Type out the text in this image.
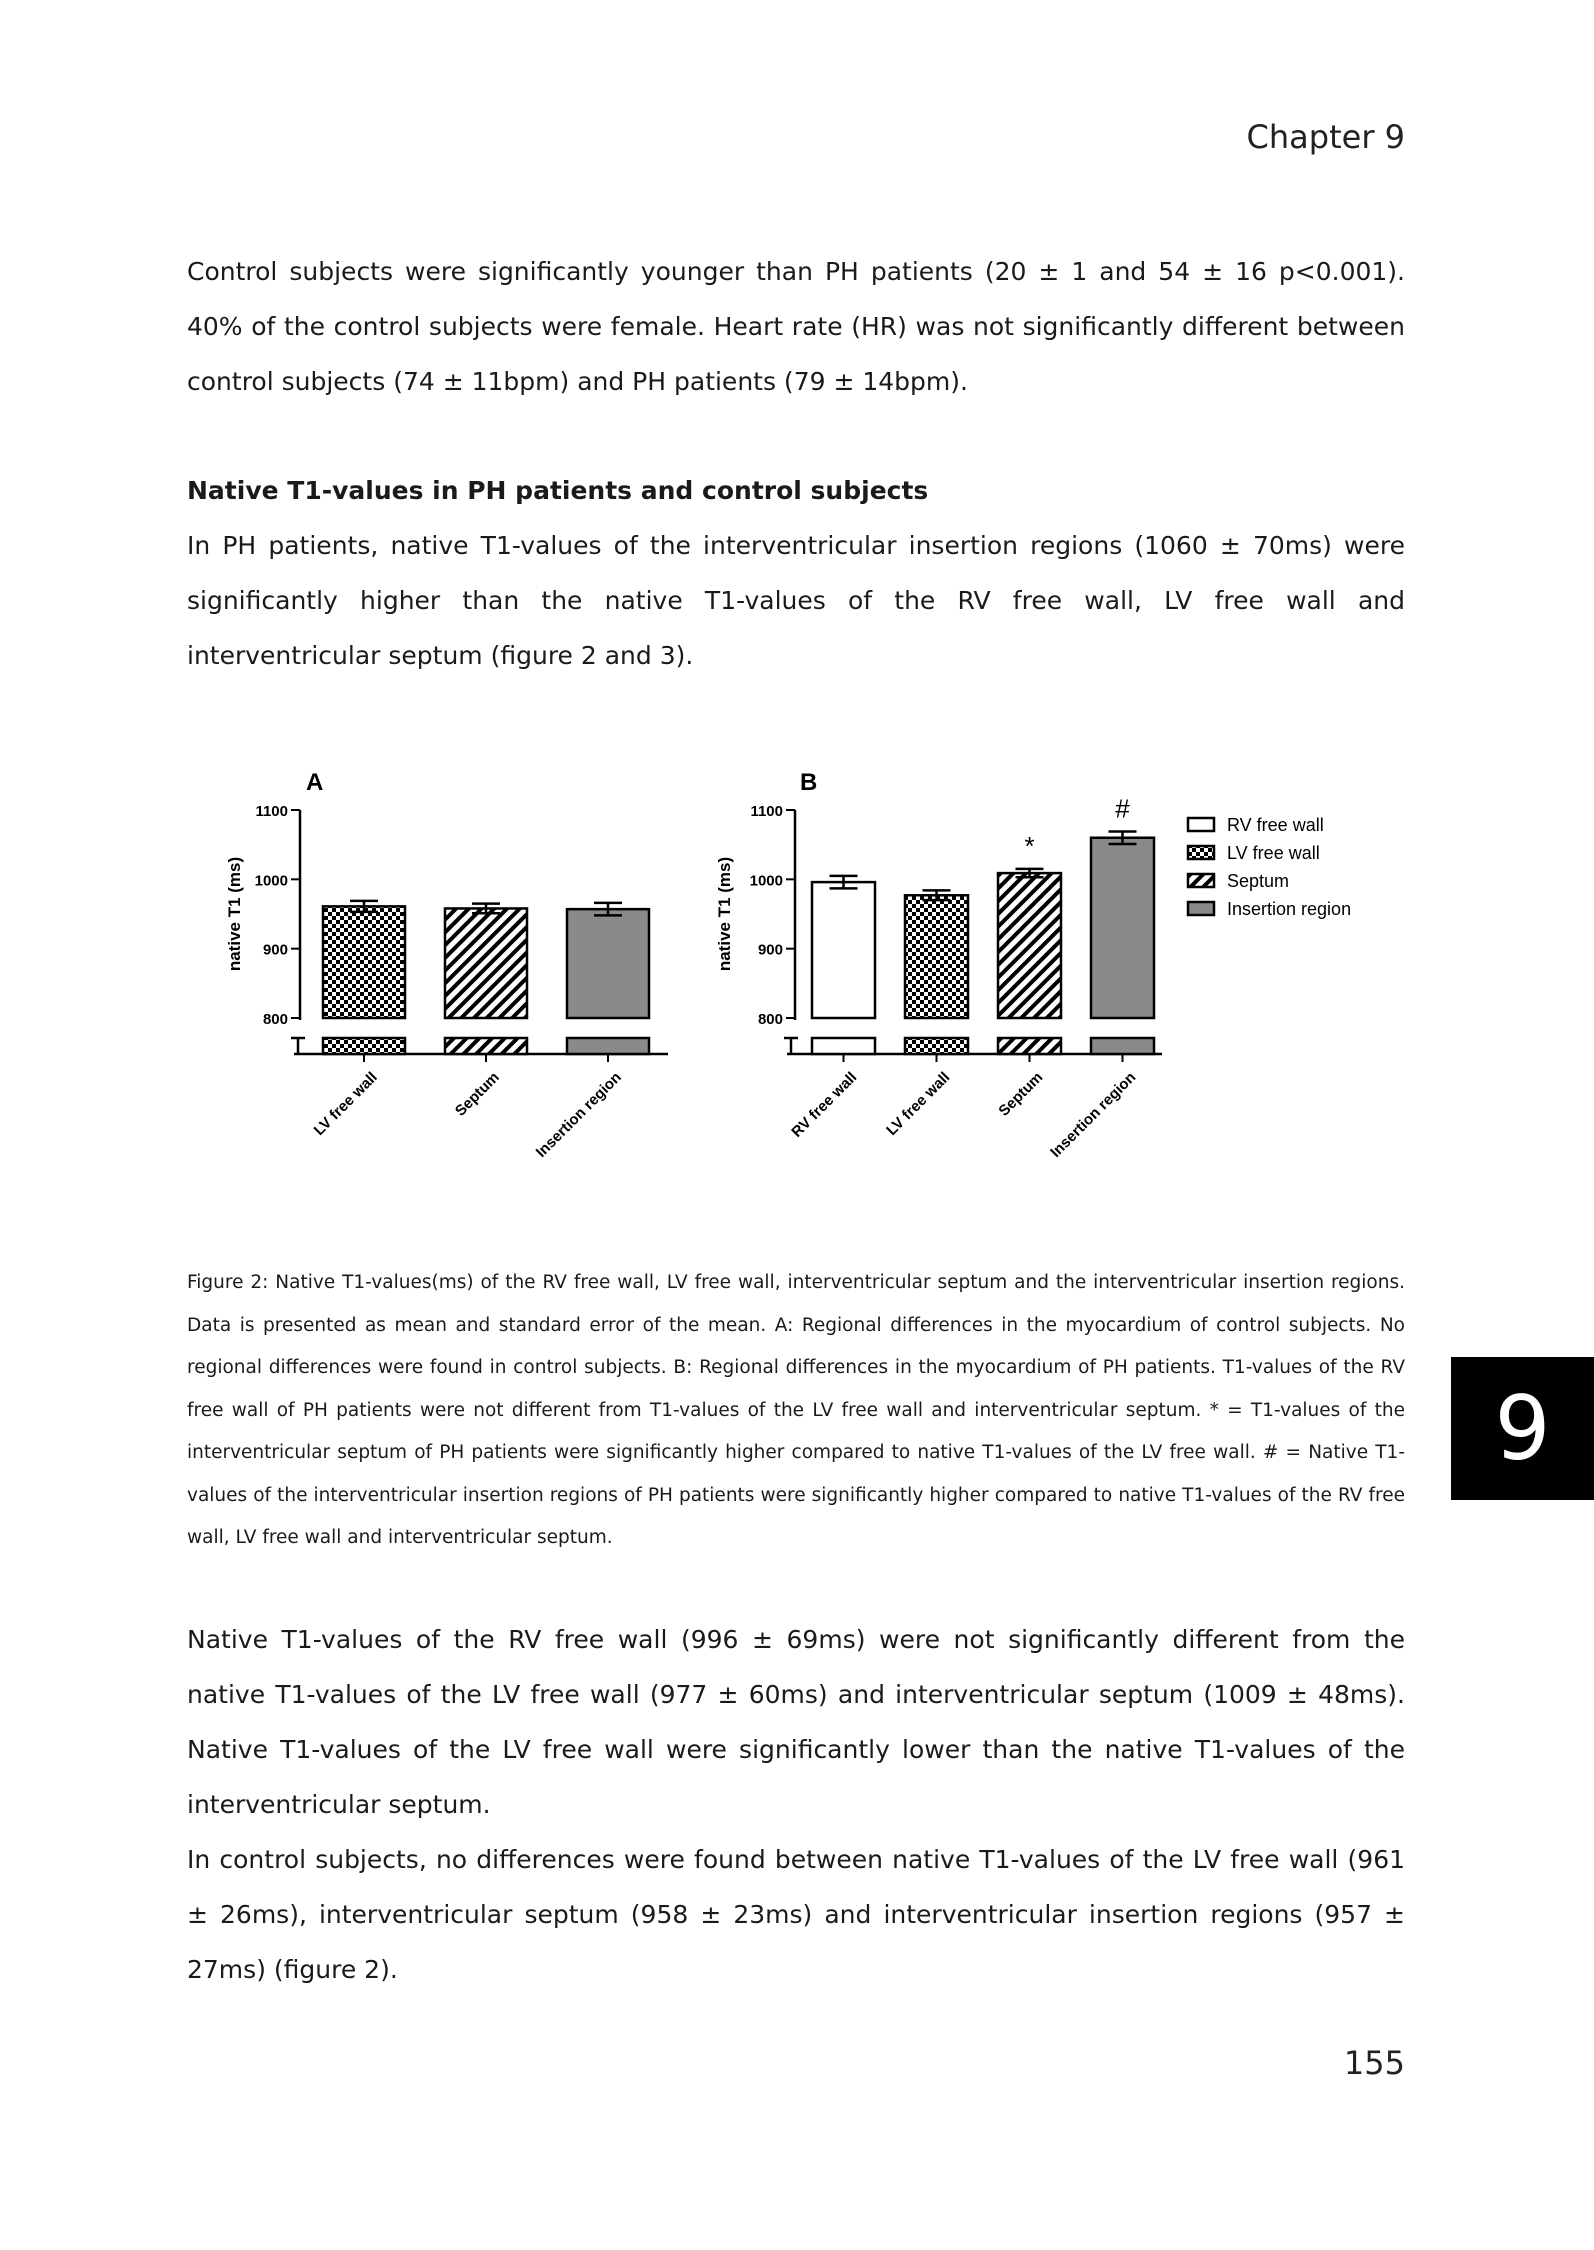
Chapter 9

Control subjects were significantly younger than PH patients (20 ± 1 and 54 ± 16 p<0.001). 40% of the control subjects were female. Heart rate (HR) was not significantly different between control subjects (74 ± 11bpm) and PH patients (79 ± 14bpm).

Native T1-values in PH patients and control subjects

In PH patients, native T1-values of the interventricular insertion regions (1060 ± 70ms) were significantly higher than the native T1-values of the RV free wall, LV free wall and interventricular septum (figure 2 and 3).

A
native T1 (ms)
800
900
1000
1100
LV free wall	Septum Insertion region
B
native T1 (ms)
800
900
1000
1100
RV free wall LV free wall
*
Septum
#
Insertion region
RV free wall
LV free wall
Septum
Insertion region

Figure 2: Native T1-values(ms) of the RV free wall, LV free wall, interventricular septum and the interventricular insertion regions. Data is presented as mean and standard error of the mean. A: Regional differences in the myocardium of control subjects. No regional differences were found in control subjects. B: Regional differences in the myocardium of PH patients. T1-values of the RV free wall of PH patients were not different from T1-values of the LV free wall and interventricular septum. * = T1-values of the interventricular septum of PH patients were significantly higher compared to native T1-values of the LV free wall. # = Native T1-values of the interventricular insertion regions of PH patients were significantly higher compared to native T1-values of the RV free wall, LV free wall and interventricular septum.

9

Native T1-values of the RV free wall (996 ± 69ms) were not significantly different from the native T1-values of the LV free wall (977 ± 60ms) and interventricular septum (1009 ± 48ms). Native T1-values of the LV free wall were significantly lower than the native T1-values of the interventricular septum.

In control subjects, no differences were found between native T1-values of the LV free wall (961 ± 26ms), interventricular septum (958 ± 23ms) and interventricular insertion regions (957 ± 27ms) (figure 2).

155
